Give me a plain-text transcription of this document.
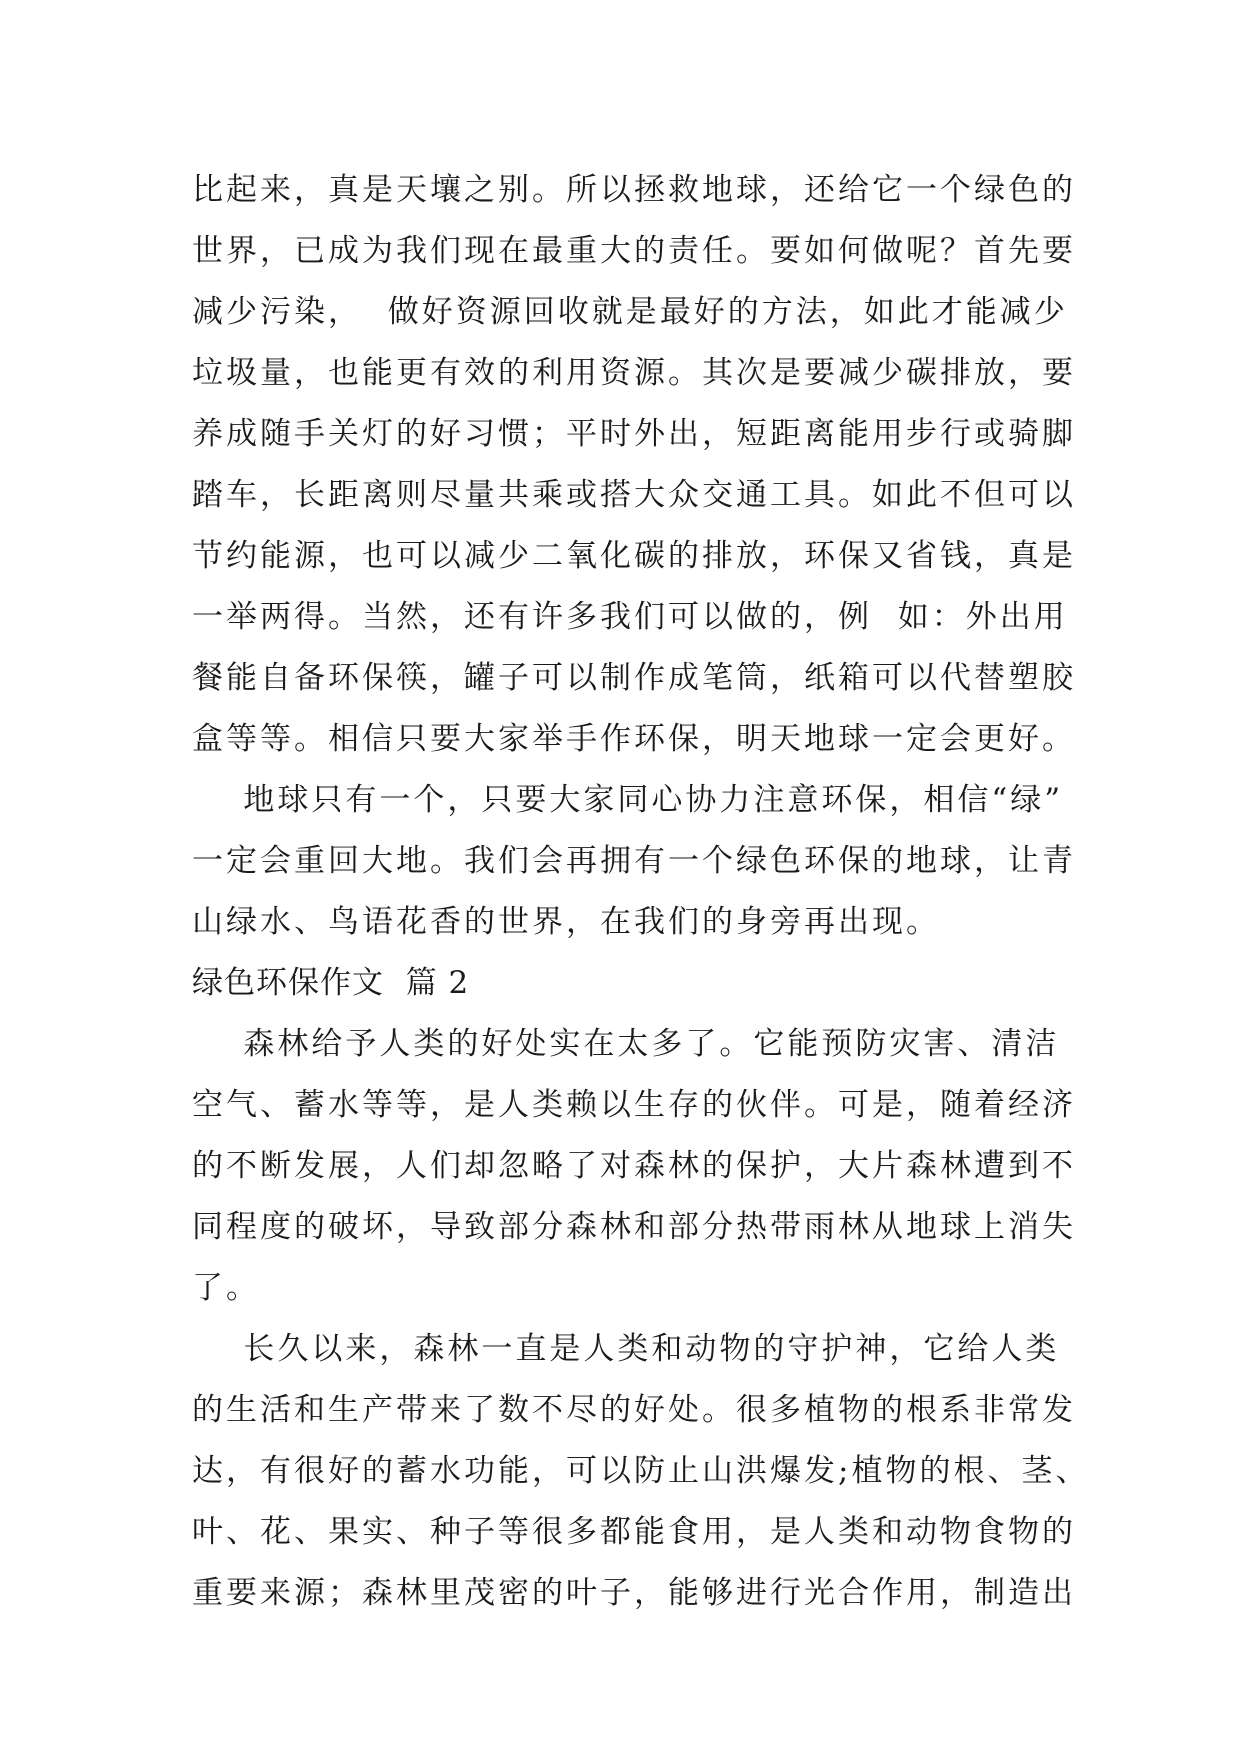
比起来，真是天壤之别。所以拯救地球，还给它一个绿色的
世界，已成为我们现在最重大的责任。要如何做呢？首先要
减少污染，  做好资源回收就是最好的方法，如此才能减少
垃圾量，也能更有效的利用资源。其次是要减少碳排放，要
养成随手关灯的好习惯；平时外出，短距离能用步行或骑脚
踏车，长距离则尽量共乘或搭大众交通工具。如此不但可以
节约能源，也可以减少二氧化碳的排放，环保又省钱，真是
一举两得。当然，还有许多我们可以做的，例  如：外出用
餐能自备环保筷，罐子可以制作成笔筒，纸箱可以代替塑胶
盒等等。相信只要大家举手作环保，明天地球一定会更好。
地球只有一个，只要大家同心协力注意环保，相信“绿”
一定会重回大地。我们会再拥有一个绿色环保的地球，让青
山绿水、鸟语花香的世界，在我们的身旁再出现。
绿色环保作文  篇 2
森林给予人类的好处实在太多了。它能预防灾害、清洁
空气、蓄水等等，是人类赖以生存的伙伴。可是，随着经济
的不断发展，人们却忽略了对森林的保护，大片森林遭到不
同程度的破坏，导致部分森林和部分热带雨林从地球上消失
了。
长久以来，森林一直是人类和动物的守护神，它给人类
的生活和生产带来了数不尽的好处。很多植物的根系非常发
达，有很好的蓄水功能，可以防止山洪爆发;植物的根、茎、
叶、花、果实、种子等很多都能食用，是人类和动物食物的
重要来源；森林里茂密的叶子，能够进行光合作用，制造出
